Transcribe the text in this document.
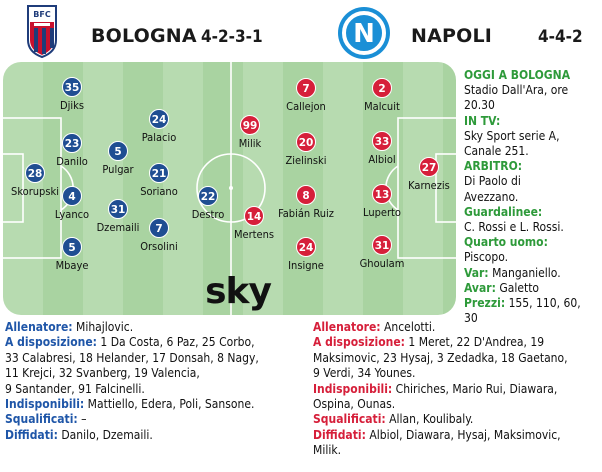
BFC
BOLOGNA 4-2-3-1	N NAPOLI	4-4-2
35
Djiks
23
Danilo
28
Skorupski 4
Lyanco
5
Mbaye
5
Pulgar
31
Dzemaili
24
Palacio
21
Soriano
7
Orsolini
22
Destro
99
Milik
14
Mertens
7
Callejon
20
Zielinski
8
Fabián Ruiz
24
Insigne
2
Malcuit
33
Albiol
13
Luperto
31
Ghoulam
27
Karnezis
sky
OGGI A BOLOGNA
Stadio Dall'Ara, ore
20.30
IN TV:
Sky Sport serie A,
Canale 251.
ARBITRO:
Di Paolo di
Avezzano.
Guardalinee:
C. Rossi e L. Rossi.
Quarto uomo:
Piscopo.
Var: Manganiello.
Avar: Galetto
Prezzi: 155, 110, 60,
30
Allenatore: Mihajlovic.
A disposizione: 1 Da Costa, 6 Paz, 25 Corbo,
33 Calabresi, 18 Helander, 17 Donsah, 8 Nagy,
11 Krejci, 32 Svanberg, 19 Valencia,
9 Santander, 91 Falcinelli.
Indisponibili: Mattiello, Edera, Poli, Sansone.
Squalificati: –
Diffidati: Danilo, Dzemaili.
Allenatore: Ancelotti.
A disposizione: 1 Meret, 22 D'Andrea, 19
Maksimovic, 23 Hysaj, 3 Zedadka, 18 Gaetano,
9 Verdi, 34 Younes.
Indisponibili: Chiriches, Mario Rui, Diawara,
Ospina, Ounas.
Squalificati: Allan, Koulibaly.
Diffidati: Albiol, Diawara, Hysaj, Maksimovic,
Milik.
